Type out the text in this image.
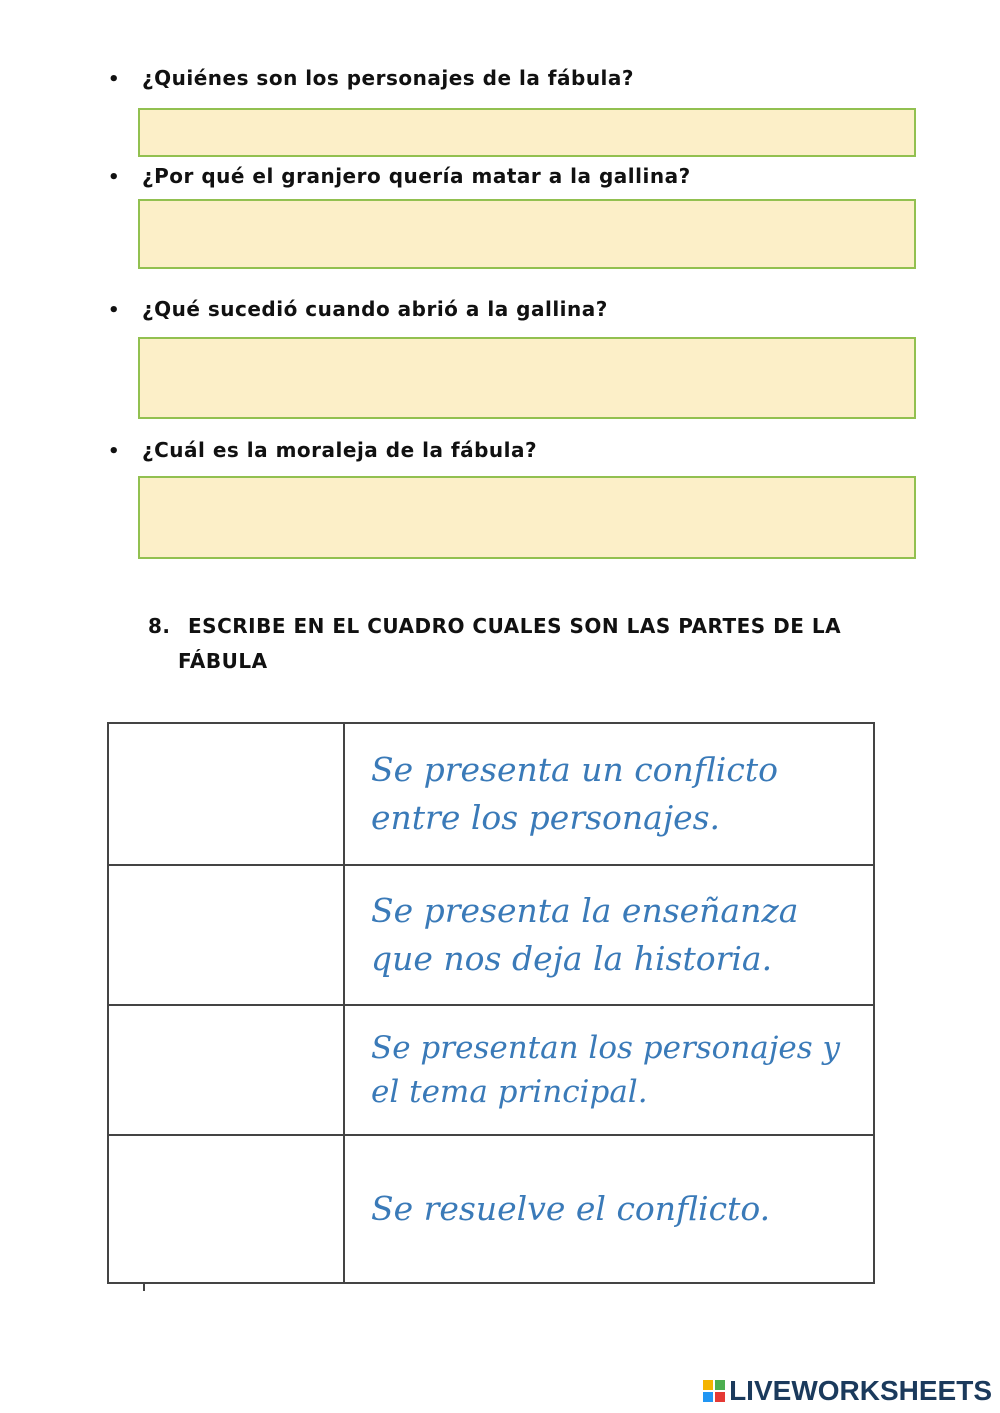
• ¿Quiénes son los personajes de la fábula?
• ¿Por qué el granjero quería matar a la gallina?
• ¿Qué sucedió cuando abrió a la gallina?
• ¿Cuál es la moraleja de la fábula?
8. ESCRIBE EN EL CUADRO CUALES SON LAS PARTES DE LA
FÁBULA
Se presenta un conflicto entre los personajes.
Se presenta la enseñanza que nos deja la historia.
Se presentan los personajes y el tema principal.
Se resuelve el conflicto.
LIVEWORKSHEETS
